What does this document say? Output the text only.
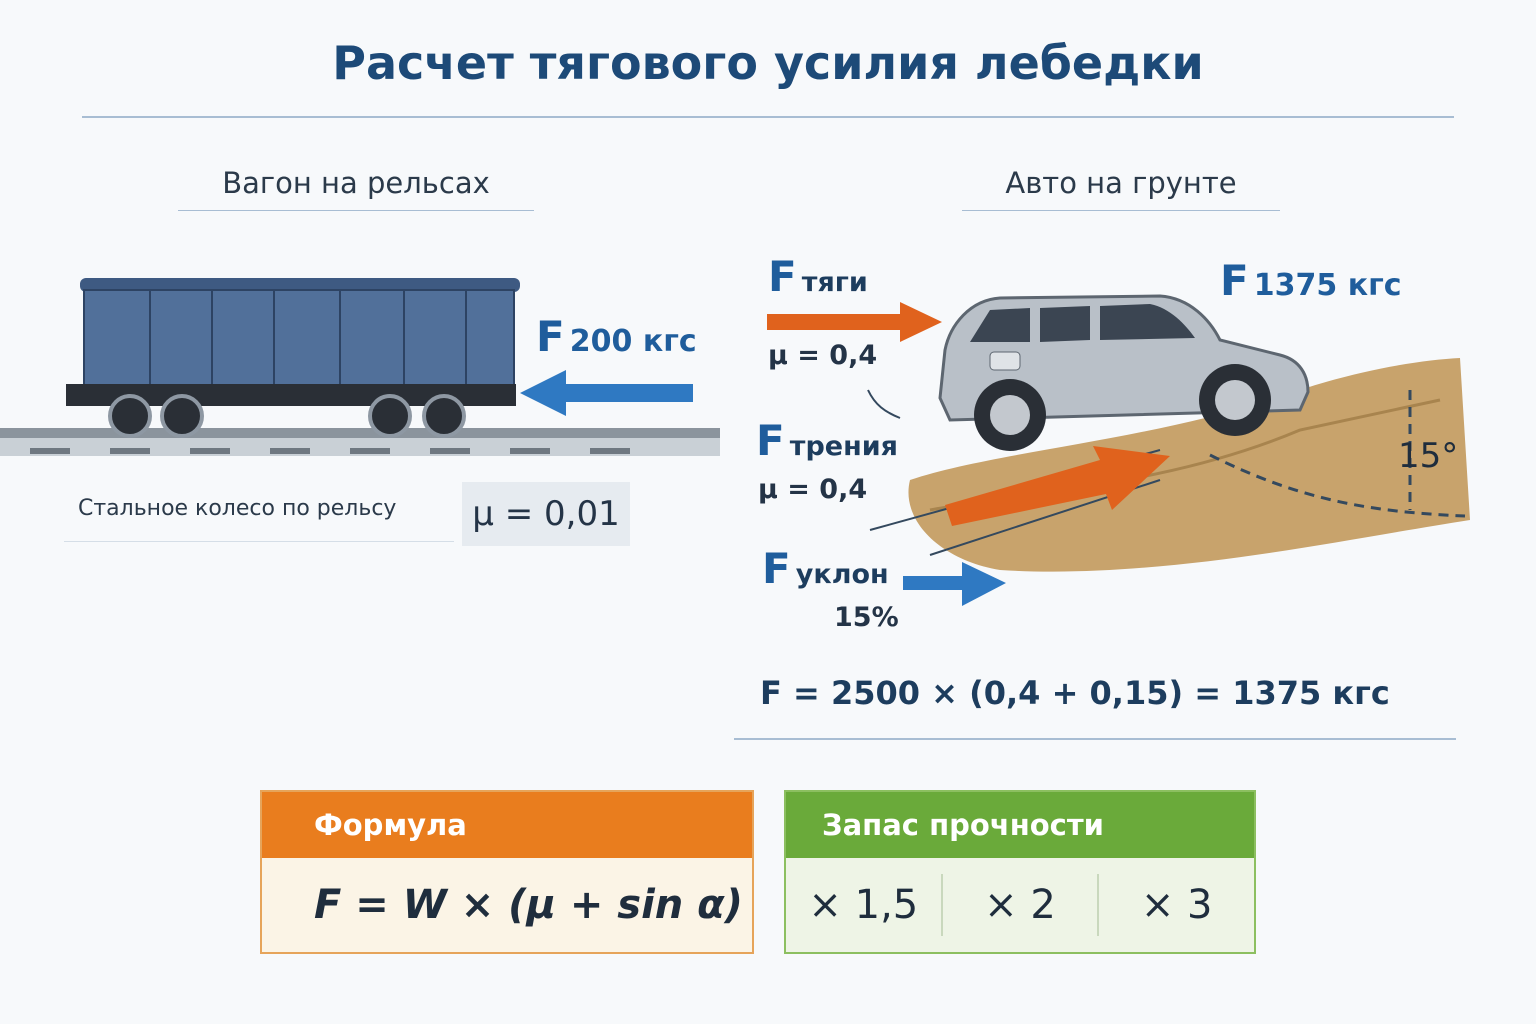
Расчет тягового усилия лебедки
Вагон на рельсах
F 200 кгс
Стальное колесо по рельсу	μ = 0,01
Авто на грунте
F тяги
μ = 0,4
F трения
μ = 0,4
F уклон
15%
F 1375 кгс
15°
F = 2500 × (0,4 + 0,15) = 1375 кгс
Формула
F = W × (μ + sin α)
Запас прочности
× 1,5	× 2	× 3
